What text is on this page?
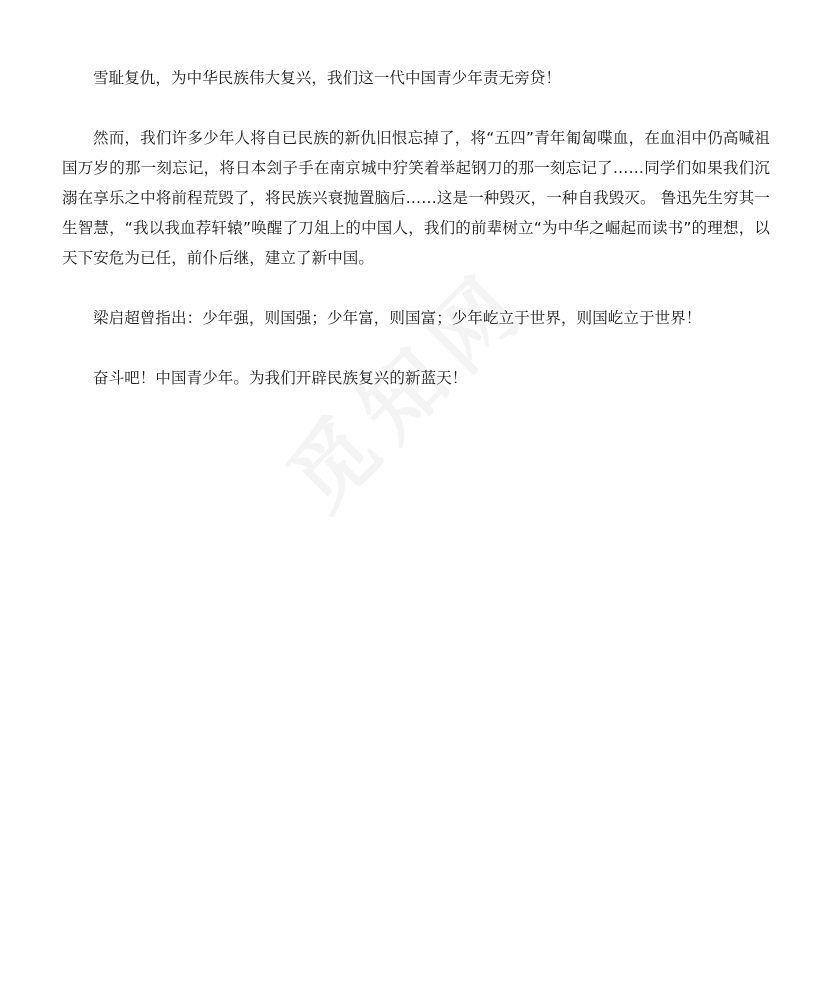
雪耻复仇，为中华民族伟大复兴，我们这一代中国青少年责无旁贷！

然而，我们许多少年人将自已民族的新仇旧恨忘掉了，将“五四”青年匍匐喋血，在血泪中仍高喊祖国万岁的那一刻忘记，将日本刽子手在南京城中狞笑着举起钢刀的那一刻忘记了……同学们如果我们沉溺在享乐之中将前程荒毁了，将民族兴衰抛置脑后……这是一种毁灭，一种自我毁灭。 鲁迅先生穷其一生智慧，“我以我血荐轩辕”唤醒了刀俎上的中国人，我们的前辈树立“为中华之崛起而读书”的理想，以天下安危为已任，前仆后继，建立了新中国。

梁启超曾指出：少年强，则国强；少年富，则国富；少年屹立于世界，则国屹立于世界！

奋斗吧！中国青少年。为我们开辟民族复兴的新蓝天！
